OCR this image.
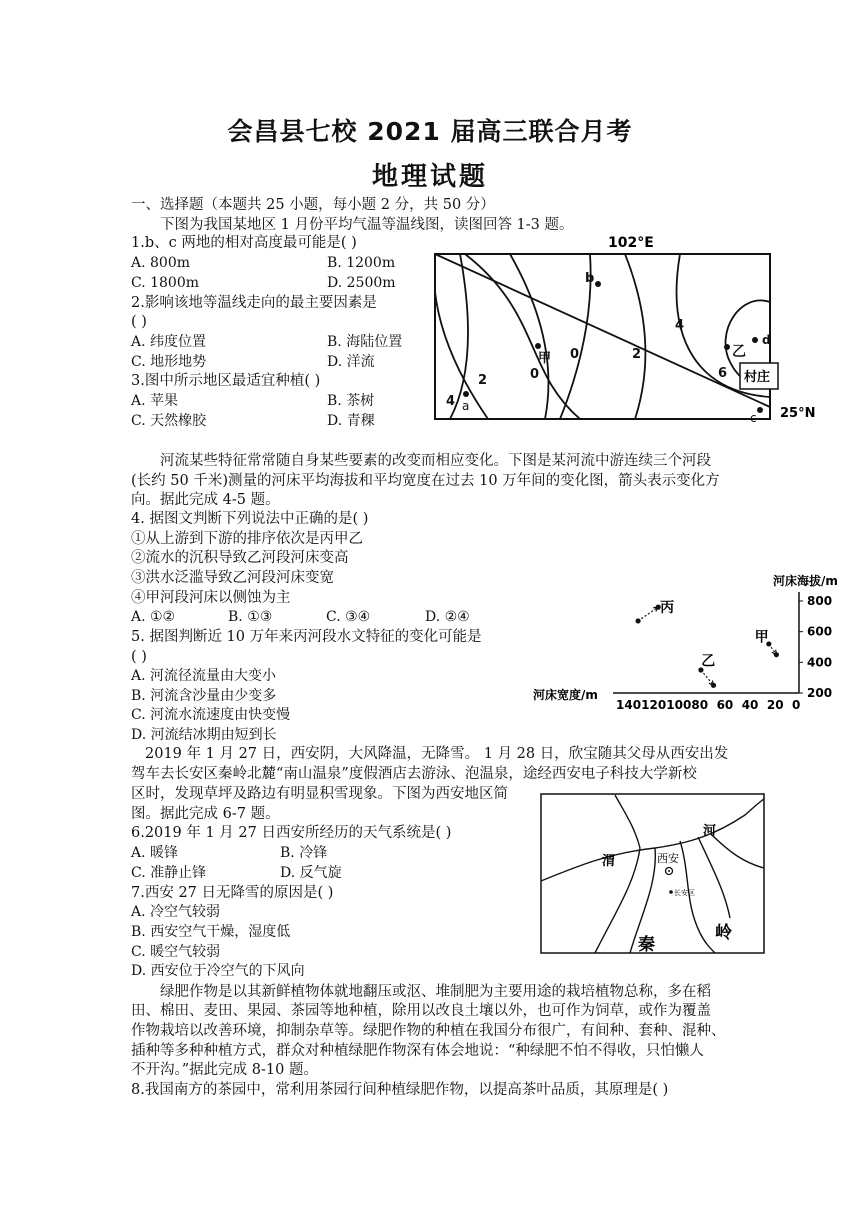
会昌县七校 2021 届高三联合月考
地理试题
一、选择题（本题共 25 小题，每小题 2 分，共 50 分）
下图为我国某地区 1 月份平均气温等温线图，读图回答 1-3 题。
1.b、c 两地的相对高度最可能是( )
A. 800m	B. 1200m
C. 1800m	D. 2500m
2.影响该地等温线走向的最主要因素是
( )
A. 纬度位置	B. 海陆位置
C. 地形地势	D. 洋流
3.图中所示地区最适宜种植( )
A. 苹果	B. 茶树
C. 天然橡胶	D. 青稞
102°E
4
2	0
0	2
4
6
a
b
c
d
甲	乙
村庄
25°N
河流某些特征常常随自身某些要素的改变而相应变化。下图是某河流中游连续三个河段
(长约 50 千米)测量的河床平均海拔和平均宽度在过去 10 万年间的变化图，箭头表示变化方
向。据此完成 4-5 题。
4. 据图文判断下列说法中正确的是( )
①从上游到下游的排序依次是丙甲乙
②流水的沉积导致乙河段河床变高
③洪水泛滥导致乙河段河床变宽
④甲河段河床以侧蚀为主
A. ①②	B. ①③	C. ③④	D. ②④
5. 据图判断近 10 万年来丙河段水文特征的变化可能是
( )
A. 河流径流量由大变小
B. 河流含沙量由少变多
C. 河流水流速度由快变慢
D. 河流结冰期由短到长
河床海拔/m
河床宽度/m
140 120 100 80 60 40 20 0
800
600
400
200
丙
乙
甲
2019 年 1 月 27 日，西安阴，大风降温，无降雪。 1 月 28 日，欣宝随其父母从西安出发
驾车去长安区秦岭北麓“南山温泉”度假酒店去游泳、泡温泉，途经西安电子科技大学新校
区时，发现草坪及路边有明显积雪现象。下图为西安地区简
图。据此完成 6-7 题。
6.2019 年 1 月 27 日西安所经历的天气系统是( )
A. 暖锋	B. 冷锋
C. 准静止锋	D. 反气旋
7.西安 27 日无降雪的原因是( )
A. 冷空气较弱
B. 西安空气干燥，湿度低
C. 暖空气较弱
D. 西安位于冷空气的下风向
渭
河
西安
长安区
秦
岭
绿肥作物是以其新鲜植物体就地翻压或沤、堆制肥为主要用途的栽培植物总称，多在稻
田、棉田、麦田、果园、茶园等地种植，除用以改良土壤以外，也可作为饲草，或作为覆盖
作物栽培以改善环境，抑制杂草等。绿肥作物的种植在我国分布很广，有间种、套种、混种、
插种等多种种植方式，群众对种植绿肥作物深有体会地说：“种绿肥不怕不得收，只怕懒人
不开沟。”据此完成 8-10 题。
8.我国南方的茶园中，常利用茶园行间种植绿肥作物，以提高茶叶品质，其原理是( )
